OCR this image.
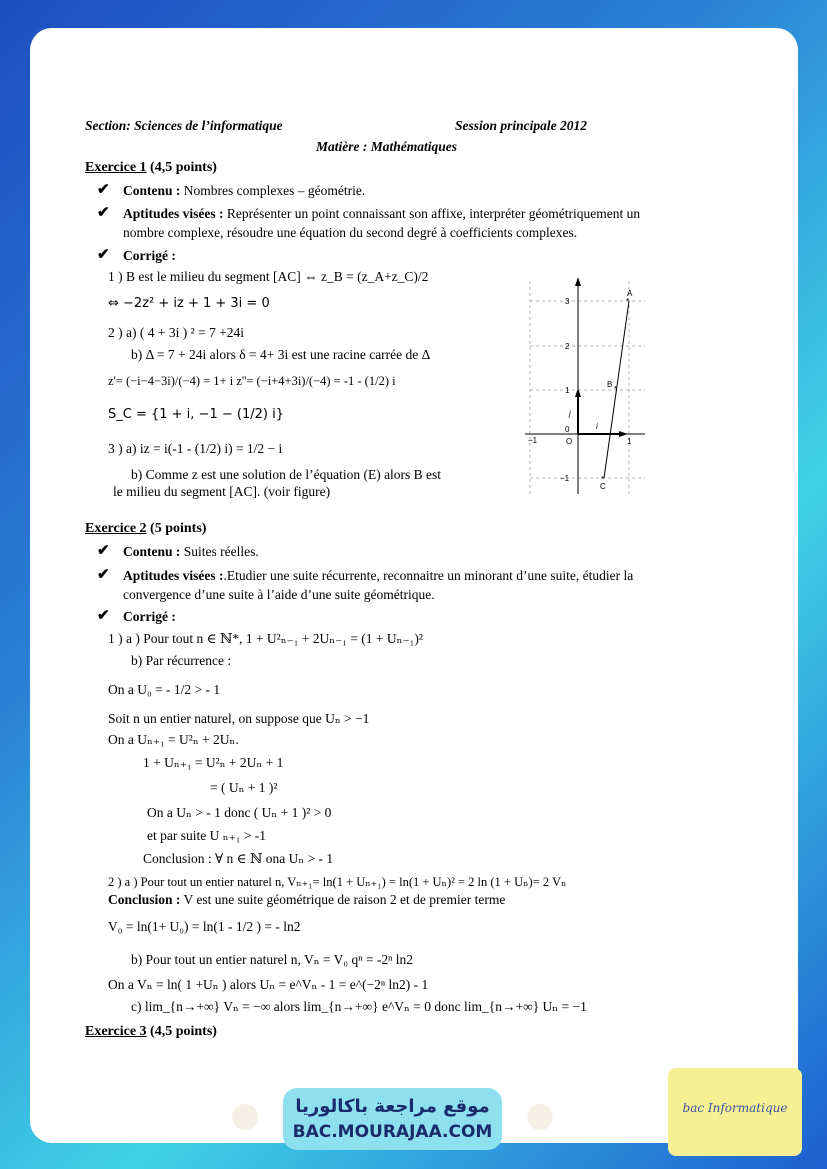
Section: Sciences de l’informatique	Session principale 2012
Matière : Mathématiques
Exercice 1 (4,5 points)
✔ Contenu : Nombres complexes – géométrie.
✔ Aptitudes visées : Représenter un point connaissant son affixe, interpréter géométriquement un
nombre complexe, résoudre une équation du second degré à coefficients complexes.
✔ Corrigé :
1 ) B est le milieu du segment [AC] ⇔ z_B = (z_A+z_C)/2
⇔ −2z² + iz + 1 + 3i = 0
2 ) a) ( 4 + 3i ) ² = 7 +24i
b) Δ = 7 + 24i alors δ = 4+ 3i est une racine carrée de Δ
z'= (−i−4−3i)/(−4) = 1+ i z''= (−i+4+3i)/(−4) = -1 - (1/2) i
S_C = {1 + i, −1 − (1/2) i}
3 ) a) iz = i(-1 - (1/2) i) = 1/2 − i
b) Comme z est une solution de l’équation (E) alors B est
le milieu du segment [AC]. (voir figure)
−1	O	1
3
2
1
0
−1
i
j
A
B
C
*
*
*
Exercice 2 (5 points)
✔ Contenu : Suites réelles.
✔ Aptitudes visées :.Etudier une suite récurrente, reconnaitre un minorant d’une suite, étudier la
convergence d’une suite à l’aide d’une suite géométrique.
✔ Corrigé :
1 ) a ) Pour tout n ∈ ℕ*, 1 + U²ₙ₋₁ + 2Uₙ₋₁ = (1 + Uₙ₋₁)²
b) Par récurrence :
On a U₀ = - 1/2 > - 1
Soit n un entier naturel, on suppose que Uₙ > −1
On a Uₙ₊₁ = U²ₙ + 2Uₙ.
1 + Uₙ₊₁ = U²ₙ + 2Uₙ + 1
= ( Uₙ + 1 )²
On a Uₙ > - 1 donc ( Uₙ + 1 )² > 0
et par suite U ₙ₊₁ > -1
Conclusion : ∀ n ∈ ℕ ona Uₙ > - 1
2 ) a ) Pour tout un entier naturel n, Vₙ₊₁= ln(1 + Uₙ₊₁) = ln(1 + Uₙ)² = 2 ln (1 + Uₙ)= 2 Vₙ
Conclusion : V est une suite géométrique de raison 2 et de premier terme
V₀ = ln(1+ U₀) = ln(1 - 1/2 ) = - ln2
b) Pour tout un entier naturel n, Vₙ = V₀ qⁿ = -2ⁿ ln2
On a Vₙ = ln( 1 +Uₙ ) alors Uₙ = e^Vₙ - 1 = e^(−2ⁿ ln2) - 1
c) lim_{n→+∞} Vₙ = −∞ alors lim_{n→+∞} e^Vₙ = 0 donc lim_{n→+∞} Uₙ = −1
Exercice 3 (4,5 points)
موقع مراجعة باكالوريا
BAC.MOURAJAA.COM
bac Informatique
